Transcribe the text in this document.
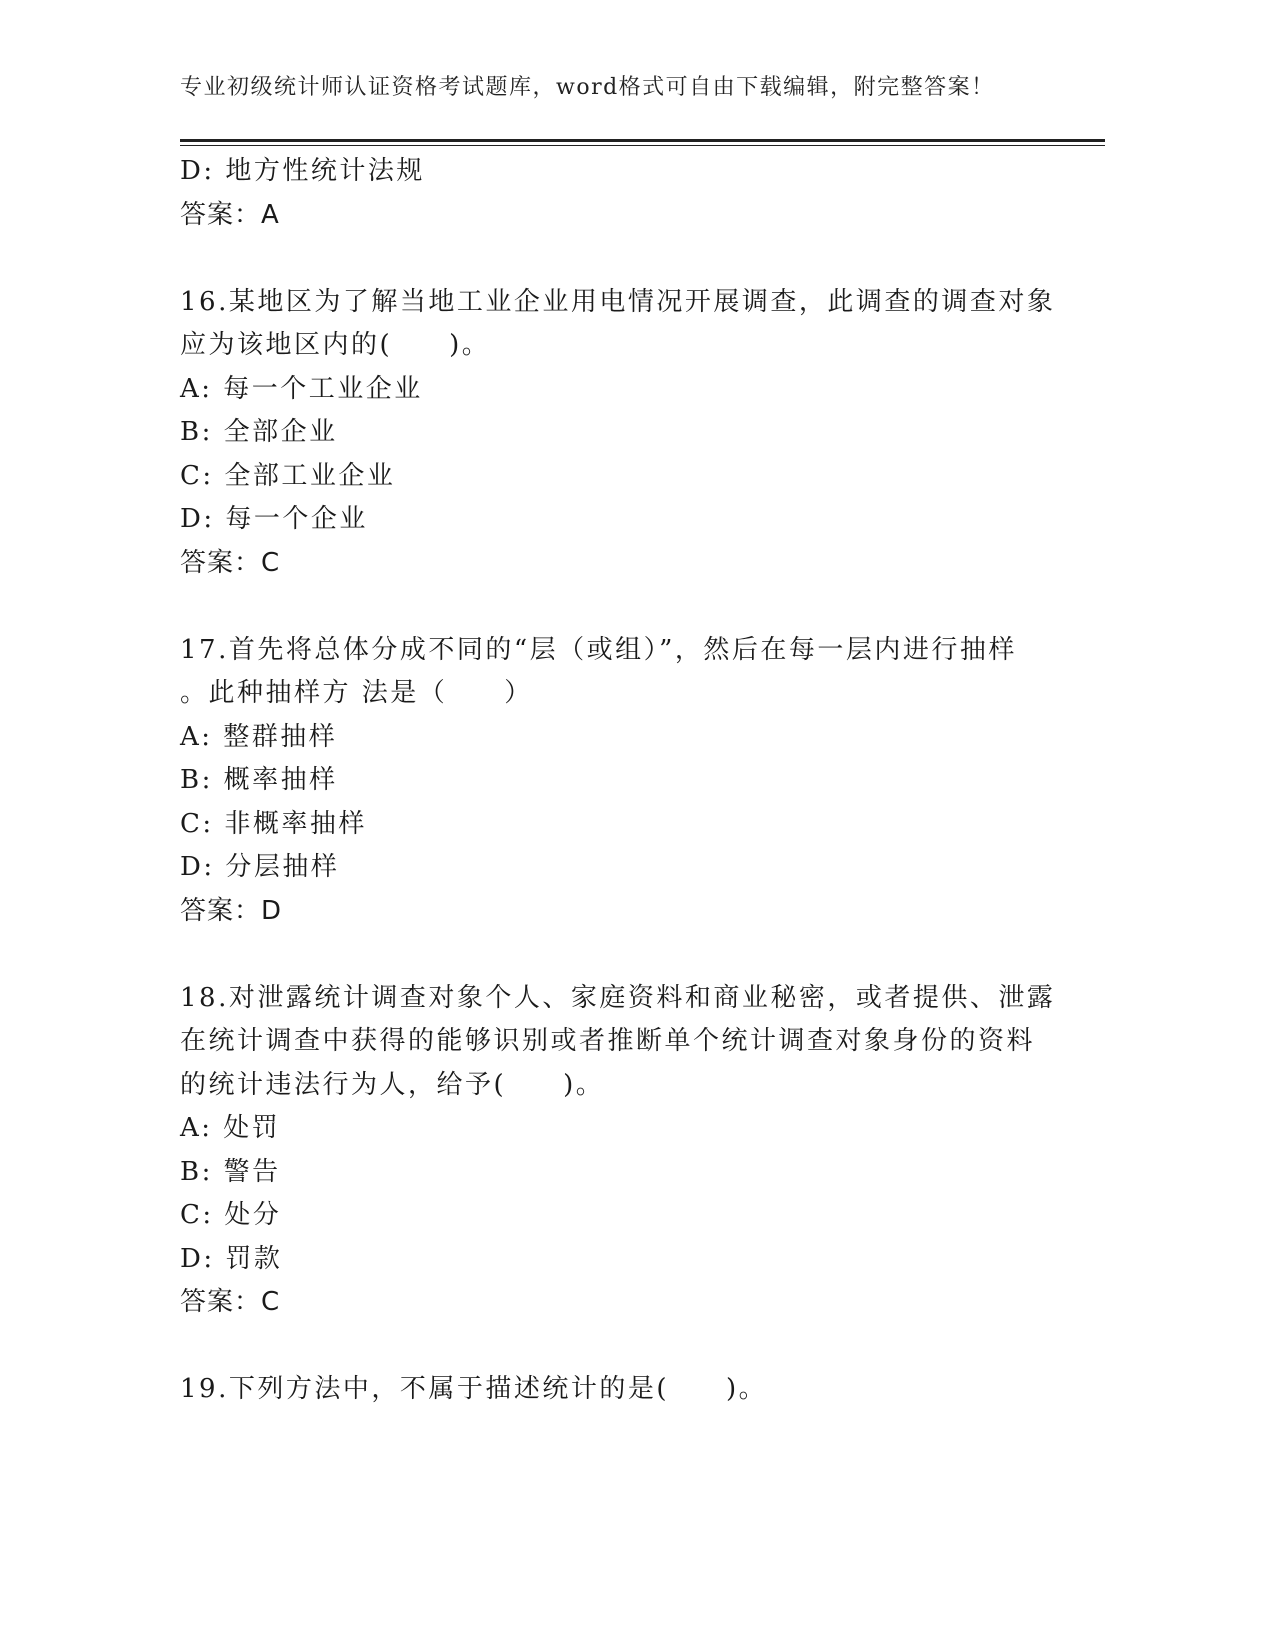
专业初级统计师认证资格考试题库，word格式可自由下载编辑，附完整答案！
D: 地方性统计法规
答案：A
16.某地区为了解当地工业企业用电情况开展调查，此调查的调查对象
应为该地区内的(　　)。
A: 每一个工业企业
B: 全部企业
C: 全部工业企业
D: 每一个企业
答案：C
17.首先将总体分成不同的“层（或组）”，然后在每一层内进行抽样
。此种抽样方 法是（　　）
A: 整群抽样
B: 概率抽样
C: 非概率抽样
D: 分层抽样
答案：D
18.对泄露统计调查对象个人、家庭资料和商业秘密，或者提供、泄露
在统计调查中获得的能够识别或者推断单个统计调查对象身份的资料
的统计违法行为人，给予(　　)。
A: 处罚
B: 警告
C: 处分
D: 罚款
答案：C
19.下列方法中，不属于描述统计的是(　　)。
